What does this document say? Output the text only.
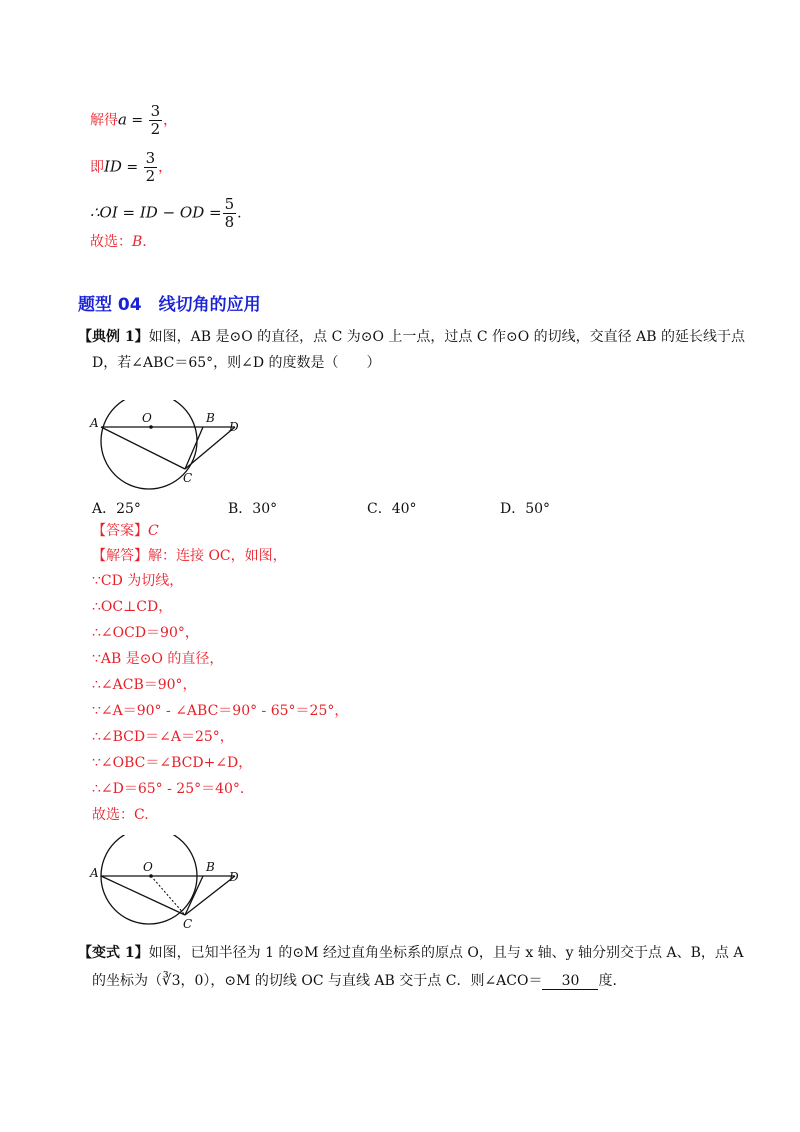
解得$a = \frac{3}{2}$ ，
即ID = $\frac{3}{2}$ ，
∴OI = ID − OD = $\frac{5}{8}$ .
故选：B.
题型 04　线切角的应用
【典例 1】如图，AB 是⊙O 的直径，点 C 为⊙O 上一点，过点 C 作⊙O 的切线，交直径 AB 的延长线于点
D，若∠ABC＝65°，则∠D 的度数是（　　）
A	O	B
D
C
A．25°	B．30°	C．40°	D．50°
【答案】C
【解答】解：连接 OC，如图，
∵CD 为切线，
∴OC⊥CD，
∴∠OCD＝90°，
∵AB 是⊙O 的直径，
∴∠ACB＝90°，
∵∠A＝90° - ∠ABC＝90° - 65°＝25°，
∴∠BCD＝∠A＝25°，
∵∠OBC＝∠BCD+∠D，
∴∠D＝65° - 25°＝40°.
故选：C.
A	O	B
D
C
【变式 1】如图，已知半径为 1 的⊙M 经过直角坐标系的原点 O，且与 x 轴、y 轴分别交于点 A、B，点 A
的坐标为（∛3，0），⊙M 的切线 OC 与直线 AB 交于点 C．则∠ACO＝ 30 度．
